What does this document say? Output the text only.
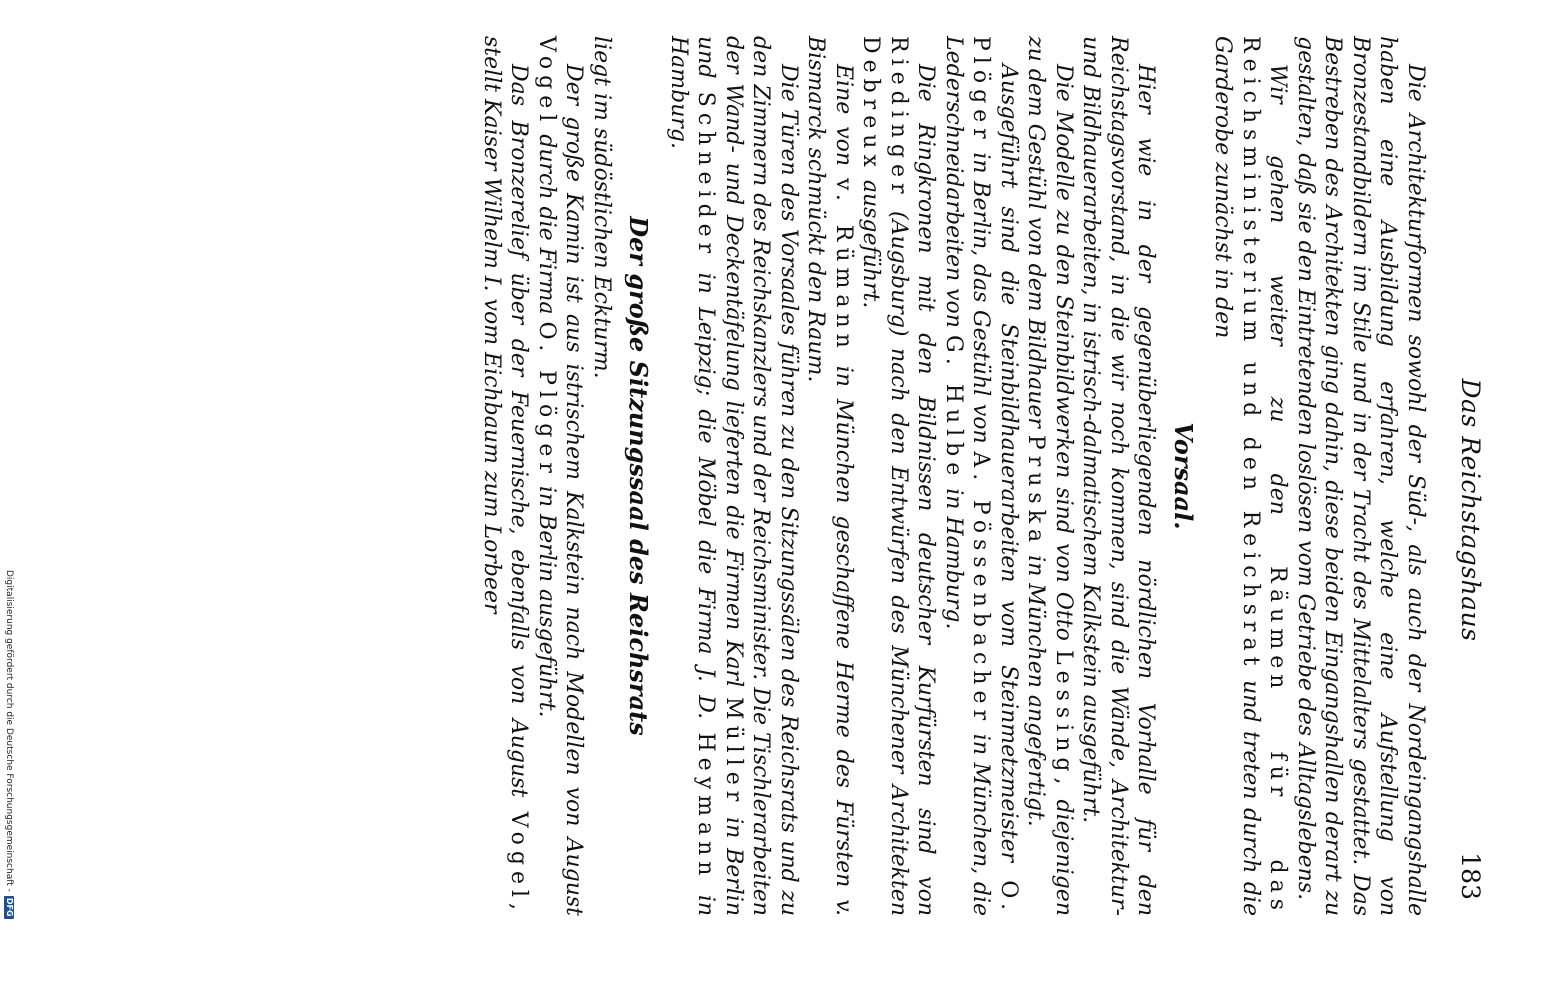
Das Reichstagshaus
183

Die Architekturformen sowohl der Süd-, als auch der Nordeingangshalle haben eine Ausbildung erfahren, welche eine Aufstellung von Bronzestandbildern im Stile und in der Tracht des Mittelalters gestattet. Das Bestreben des Architekten ging dahin, diese beiden Eingangshallen derart zu gestalten, daß sie den Eintretenden loslösen vom Getriebe des Alltagslebens.

Wir gehen weiter zu den Räumen für das Reichsministerium und den Reichsrat und treten durch die Garderobe zunächst in den

Vorsaal.

Hier wie in der gegenüberliegenden nördlichen Vorhalle für den Reichstagsvorstand, in die wir noch kommen, sind die Wände, Architektur- und Bildhauerarbeiten, in istrisch-dalmatischem Kalkstein ausgeführt.

Die Modelle zu den Steinbildwerken sind von Otto Lessing, diejenigen zu dem Gestühl von dem Bildhauer Pruska in München angefertigt.

Ausgeführt sind die Steinbildhauerarbeiten vom Steinmetzmeister O. Plöger in Berlin, das Gestühl von A. Pössenbacher in München, die Lederschneidarbeiten von G. Hulbe in Hamburg.

Die Ringkronen mit den Bildnissen deutscher Kurfürsten sind von Riedinger (Augsburg) nach den Entwürfen des Münchener Architekten Debreux ausgeführt.

Eine von v. Rümann in München geschaffene Herme des Fürsten v. Bismarck schmückt den Raum.

Die Türen des Vorsaales führen zu den Sitzungssälen des Reichsrats und zu den Zimmern des Reichskanzlers und der Reichsminister. Die Tischlerarbeiten der Wand- und Deckentäfelung lieferten die Firmen Karl Müller in Berlin und Schneider in Leipzig; die Möbel die Firma J. D. Heymann in Hamburg.

Der große Sitzungssaal des Reichsrats

liegt im südöstlichen Eckturm.

Der große Kamin ist aus istrischem Kalkstein nach Modellen von August Vogel durch die Firma O. Plöger in Berlin ausgeführt.

Das Bronzerelief über der Feuernische, ebenfalls von August Vogel, stellt Kaiser Wilhelm I. vom Eichbaum zum Lorbeer

Digitalisierung gefördert durch die Deutsche Forschungsgemeinschaft -
DFG
